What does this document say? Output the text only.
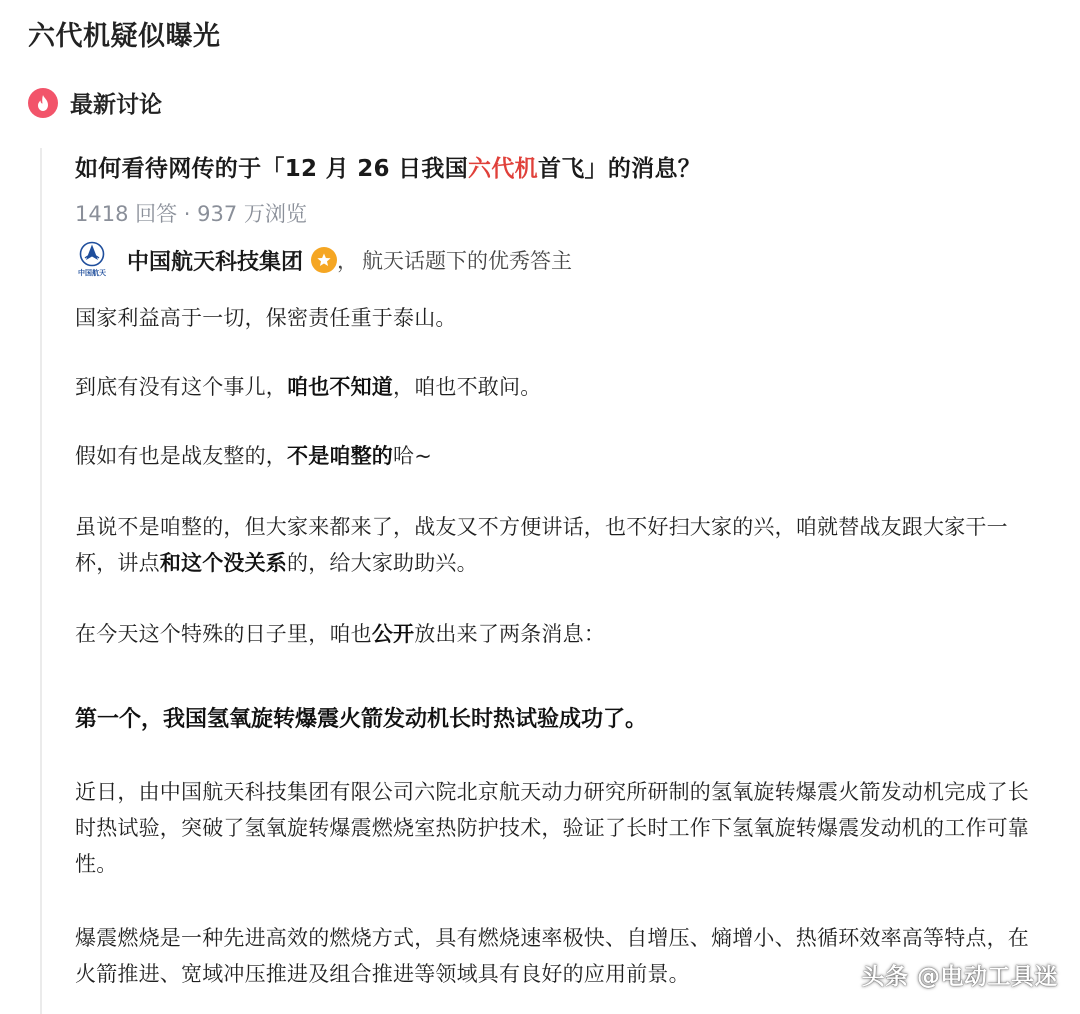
六代机疑似曝光
最新讨论
如何看待网传的于「12 月 26 日我国六代机首飞」的消息？
1418 回答 · 937 万浏览
中国航天 中国航天科技集团 ， 航天话题下的优秀答主
国家利益高于一切，保密责任重于泰山。
到底有没有这个事儿，咱也不知道，咱也不敢问。
假如有也是战友整的，不是咱整的哈~
虽说不是咱整的，但大家来都来了，战友又不方便讲话，也不好扫大家的兴，咱就替战友跟大家干一杯，讲点和这个没关系的，给大家助助兴。
在今天这个特殊的日子里，咱也公开放出来了两条消息：
第一个，我国氢氧旋转爆震火箭发动机长时热试验成功了。
近日，由中国航天科技集团有限公司六院北京航天动力研究所研制的氢氧旋转爆震火箭发动机完成了长时热试验，突破了氢氧旋转爆震燃烧室热防护技术，验证了长时工作下氢氧旋转爆震发动机的工作可靠性。
爆震燃烧是一种先进高效的燃烧方式，具有燃烧速率极快、自增压、熵增小、热循环效率高等特点，在火箭推进、宽域冲压推进及组合推进等领域具有良好的应用前景。	头条 @电动工具迷
